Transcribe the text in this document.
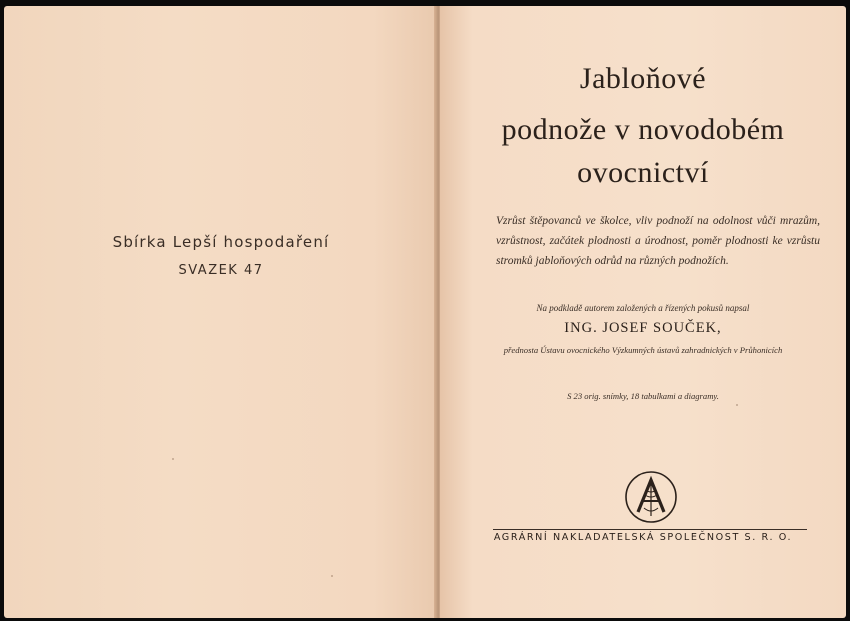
Sbírka Lepší hospodaření
SVAZEK 47
Jabloňové
podnože v novodobém
ovocnictví
Vzrůst štěpovanců ve školce, vliv podnoží na odolnost vůči mrazům, vzrůstnost, začátek plodnosti a úrodnost, poměr plodnosti ke vzrůstu stromků jabloňových odrůd na různých podnožích.
Na podkladě autorem založených a řízených pokusů napsal
ING. JOSEF SOUČEK,
přednosta Ústavu ovocnického Výzkumných ústavů zahradnických v Průhonicích
S 23 orig. snímky, 18 tabulkami a diagramy.
AGRÁRNÍ NAKLADATELSKÁ SPOLEČNOST S. R. O.
